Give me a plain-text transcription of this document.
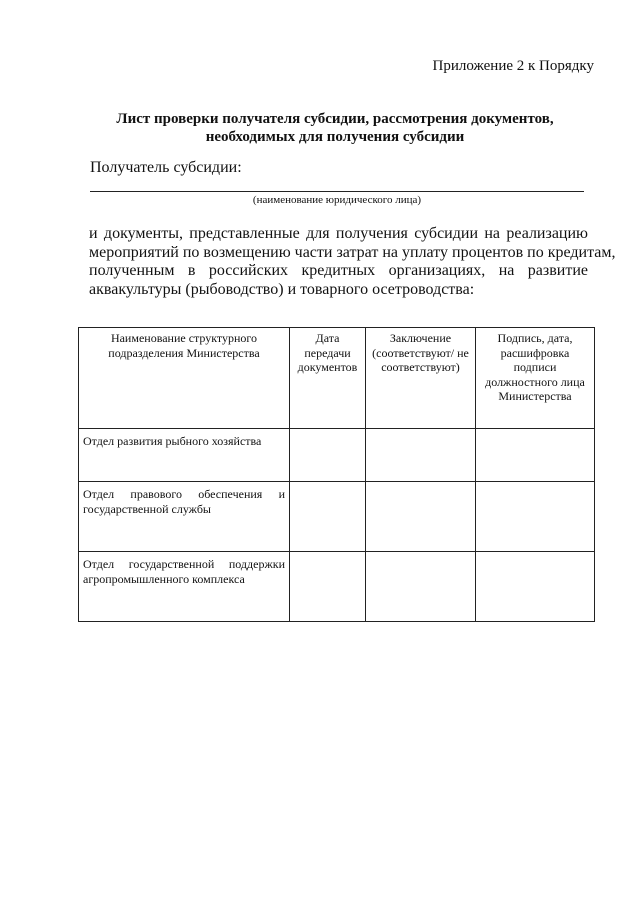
Приложение 2 к Порядку
Лист проверки получателя субсидии, рассмотрения документов,
необходимых для получения субсидии
Получатель субсидии:
(наименование юридического лица)
и документы, представленные для получения субсидии на реализацию
мероприятий по возмещению части затрат на уплату процентов по кредитам,
полученным в российских кредитных организациях, на развитие
аквакультуры (рыбоводство) и товарного осетроводства:
Наименование структурного подразделения Министерства	Дата передачи документов	Заключение (соответствуют/ не соответствуют)	Подпись, дата, расшифровка подписи должностного лица Министерства
Отдел развития рыбного хозяйства			

Отдел правового обеспечения и
государственной службы			

Отдел государственной поддержки
агропромышленного комплекса			
